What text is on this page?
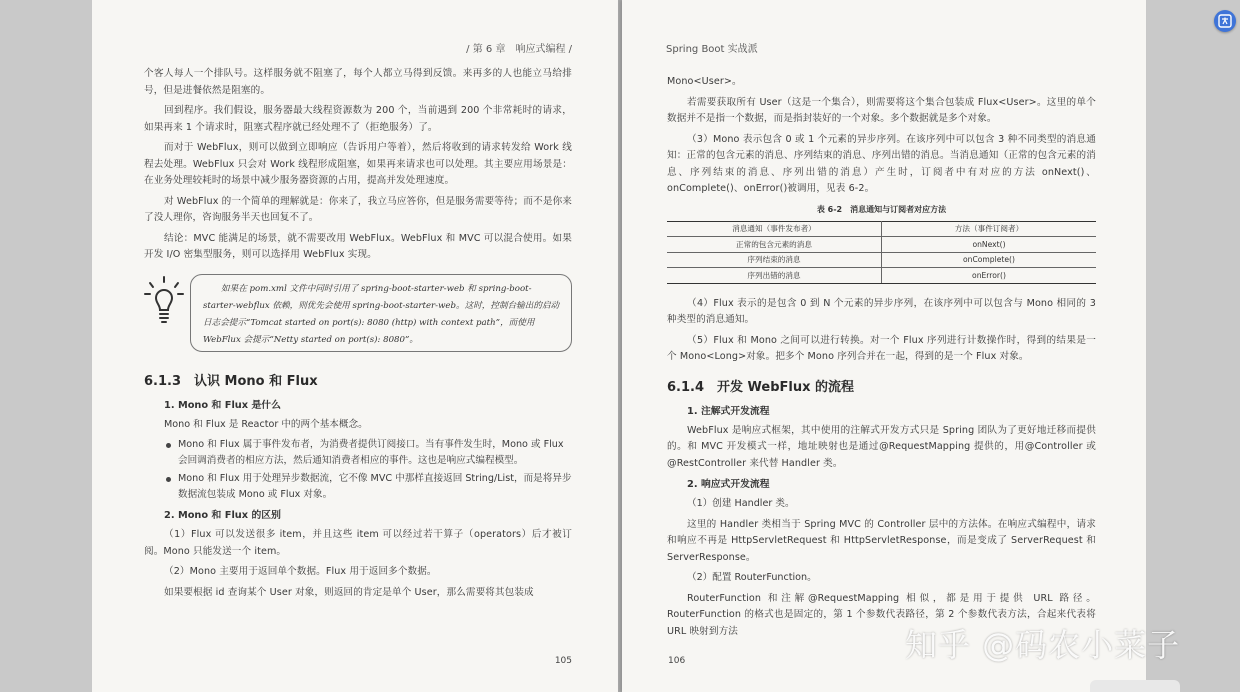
/ 第 6 章　响应式编程 /

个客人每人一个排队号。这样服务就不阻塞了，每个人都立马得到反馈。来再多的人也能立马给排号，但是进餐依然是阻塞的。

回到程序。我们假设，服务器最大线程资源数为 200 个，当前遇到 200 个非常耗时的请求，如果再来 1 个请求时，阻塞式程序就已经处理不了（拒绝服务）了。

而对于 WebFlux，则可以做到立即响应（告诉用户等着），然后将收到的请求转发给 Work 线程去处理。WebFlux 只会对 Work 线程形成阻塞，如果再来请求也可以处理。其主要应用场景是：在业务处理较耗时的场景中减少服务器资源的占用，提高并发处理速度。

对 WebFlux 的一个简单的理解就是：你来了，我立马应答你，但是服务需要等待；而不是你来了没人理你，咨询服务半天也回复不了。

结论：MVC 能满足的场景，就不需要改用 WebFlux。WebFlux 和 MVC 可以混合使用。如果开发 I/O 密集型服务，则可以选择用 WebFlux 实现。

如果在 pom.xml 文件中同时引用了 spring-boot-starter-web 和 spring-boot-starter-webflux 依赖，则优先会使用 spring-boot-starter-web。这时，控制台输出的启动日志会提示“Tomcat started on port(s): 8080 (http) with context path”，而使用 WebFlux 会提示“Netty started on port(s): 8080”。
6.1.3　认识 Mono 和 Flux
1. Mono 和 Flux 是什么

Mono 和 Flux 是 Reactor 中的两个基本概念。

Mono 和 Flux 属于事件发布者，为消费者提供订阅接口。当有事件发生时，Mono 或 Flux 会回调消费者的相应方法，然后通知消费者相应的事件。这也是响应式编程模型。
Mono 和 Flux 用于处理异步数据流，它不像 MVC 中那样直接返回 String/List，而是将异步数据流包装成 Mono 或 Flux 对象。
2. Mono 和 Flux 的区别

（1）Flux 可以发送很多 item，并且这些 item 可以经过若干算子（operators）后才被订阅。Mono 只能发送一个 item。

（2）Mono 主要用于返回单个数据。Flux 用于返回多个数据。

如果要根据 id 查询某个 User 对象，则返回的肯定是单个 User，那么需要将其包装成

105
Spring Boot 实战派

Mono<User>。

若需要获取所有 User（这是一个集合），则需要将这个集合包装成 Flux<User>。这里的单个数据并不是指一个数据，而是指封装好的一个对象。多个数据就是多个对象。

（3）Mono 表示包含 0 或 1 个元素的异步序列。在该序列中可以包含 3 种不同类型的消息通知：正常的包含元素的消息、序列结束的消息、序列出错的消息。当消息通知（正常的包含元素的消息、序列结束的消息、序列出错的消息）产生时，订阅者中有对应的方法 onNext()、onComplete()、onError()被调用，见表 6-2。

表 6-2　消息通知与订阅者对应方法
消息通知（事件发布者）	方法（事件订阅者）
正常的包含元素的消息	onNext()
序列结束的消息	onComplete()
序列出错的消息	onError()

（4）Flux 表示的是包含 0 到 N 个元素的异步序列，在该序列中可以包含与 Mono 相同的 3 种类型的消息通知。

（5）Flux 和 Mono 之间可以进行转换。对一个 Flux 序列进行计数操作时，得到的结果是一个 Mono<Long>对象。把多个 Mono 序列合并在一起，得到的是一个 Flux 对象。

6.1.4　开发 WebFlux 的流程
1. 注解式开发流程

WebFlux 是响应式框架，其中使用的注解式开发方式只是 Spring 团队为了更好地迁移而提供的。和 MVC 开发模式一样，地址映射也是通过@RequestMapping 提供的，用@Controller 或@RestController 来代替 Handler 类。

2. 响应式开发流程

（1）创建 Handler 类。

这里的 Handler 类相当于 Spring MVC 的 Controller 层中的方法体。在响应式编程中，请求和响应不再是 HttpServletRequest 和 HttpServletResponse，而是变成了 ServerRequest 和 ServerResponse。

（2）配置 RouterFunction。

RouterFunction 和注解@RequestMapping 相似，都是用于提供 URL 路径。RouterFunction 的格式也是固定的，第 1 个参数代表路径，第 2 个参数代表方法，合起来代表将 URL 映射到方法

106	知乎 @码农小菜子
